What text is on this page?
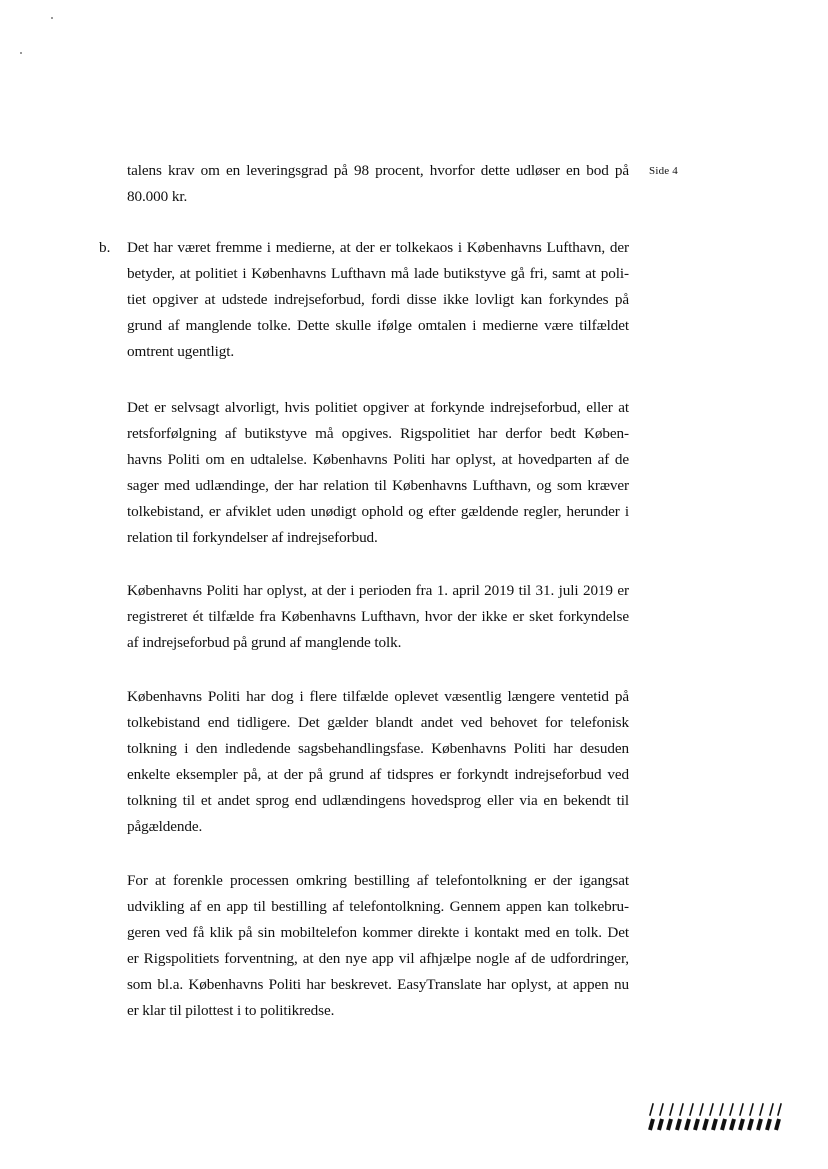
Side 4
talens krav om en leveringsgrad på 98 procent, hvorfor dette udløser en bod på
80.000 kr.
b. Det har været fremme i medierne, at der er tolkekaos i Københavns Lufthavn, der
betyder, at politiet i Københavns Lufthavn må lade butikstyve gå fri, samt at poli-
tiet opgiver at udstede indrejseforbud, fordi disse ikke lovligt kan forkyndes på
grund af manglende tolke. Dette skulle ifølge omtalen i medierne være tilfældet
omtrent ugentligt.
Det er selvsagt alvorligt, hvis politiet opgiver at forkynde indrejseforbud, eller at
retsforfølgning af butikstyve må opgives. Rigspolitiet har derfor bedt Køben-
havns Politi om en udtalelse. Københavns Politi har oplyst, at hovedparten af de
sager med udlændinge, der har relation til Københavns Lufthavn, og som kræver
tolkebistand, er afviklet uden unødigt ophold og efter gældende regler, herunder i
relation til forkyndelser af indrejseforbud.
Københavns Politi har oplyst, at der i perioden fra 1. april 2019 til 31. juli 2019 er
registreret ét tilfælde fra Københavns Lufthavn, hvor der ikke er sket forkyndelse
af indrejseforbud på grund af manglende tolk.
Københavns Politi har dog i flere tilfælde oplevet væsentlig længere ventetid på
tolkebistand end tidligere. Det gælder blandt andet ved behovet for telefonisk
tolkning i den indledende sagsbehandlingsfase. Københavns Politi har desuden
enkelte eksempler på, at der på grund af tidspres er forkyndt indrejseforbud ved
tolkning til et andet sprog end udlændingens hovedsprog eller via en bekendt til
pågældende.
For at forenkle processen omkring bestilling af telefontolkning er der igangsat
udvikling af en app til bestilling af telefontolkning. Gennem appen kan tolkebru-
geren ved få klik på sin mobiltelefon kommer direkte i kontakt med en tolk. Det
er Rigspolitiets forventning, at den nye app vil afhjælpe nogle af de udfordringer,
som bl.a. Københavns Politi har beskrevet. EasyTranslate har oplyst, at appen nu
er klar til pilottest i to politikredse.
